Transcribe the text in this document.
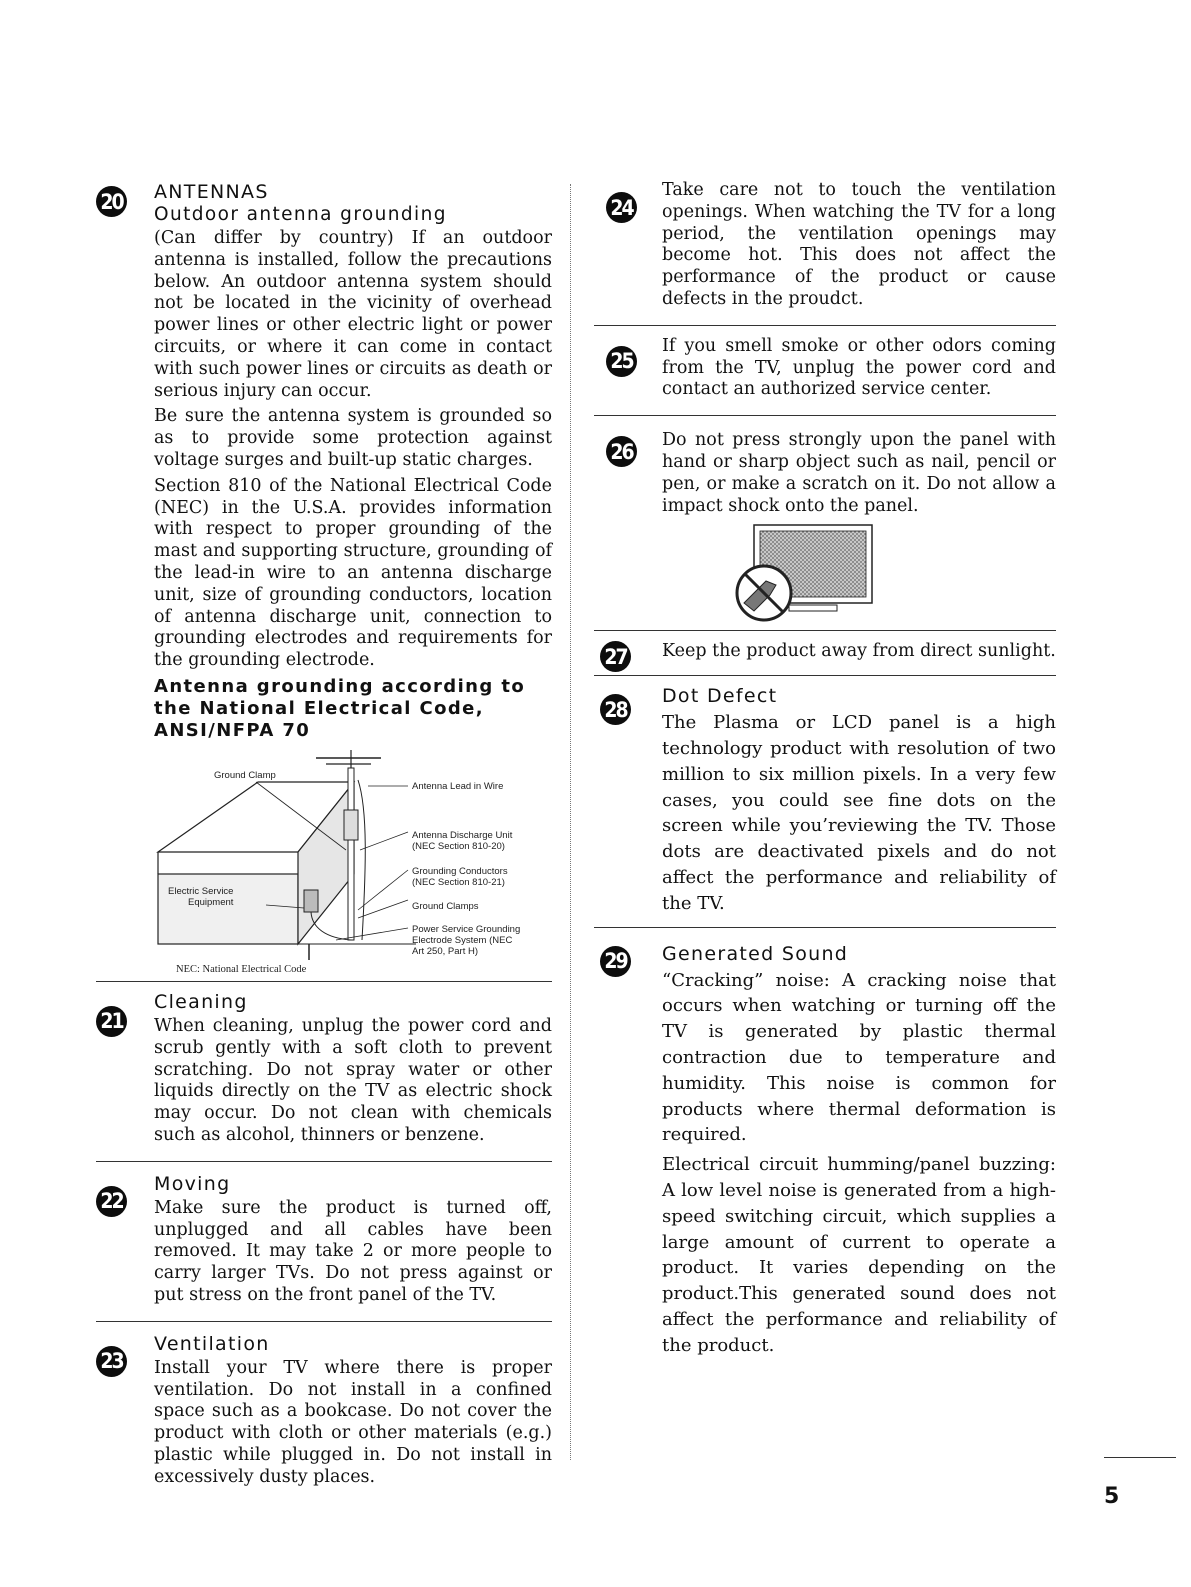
20 ANTENNAS

Outdoor antenna grounding

(Can differ by country) If an outdoor antenna is installed, follow the precautions below. An outdoor antenna system should not be located in the vicinity of overhead power lines or other electric light or power circuits, or where it can come in contact with such power lines or circuits as death or serious injury can occur.

Be sure the antenna system is grounded so as to provide some protection against voltage surges and built-up static charges.

Section 810 of the National Electrical Code (NEC) in the U.S.A. provides information with respect to proper grounding of the mast and supporting structure, grounding of the lead-in wire to an antenna discharge unit, size of grounding conductors, location of antenna discharge unit, connection to grounding electrodes and requirements for the grounding electrode.

Antenna grounding according to the National Electrical Code, ANSI/NFPA 70

Ground Clamp
Antenna Lead in Wire
Antenna Discharge Unit
(NEC Section 810-20)
Grounding Conductors
(NEC Section 810-21)
Ground Clamps
Power Service Grounding
Electrode System (NEC
Art 250, Part H)
Electric Service
Equipment
NEC: National Electrical Code
21

Cleaning

When cleaning, unplug the power cord and scrub gently with a soft cloth to prevent scratching. Do not spray water or other liquids directly on the TV as electric shock may occur. Do not clean with chemicals such as alcohol, thinners or benzene.

22

Moving

Make sure the product is turned off, unplugged and all cables have been removed. It may take 2 or more people to carry larger TVs. Do not press against or put stress on the front panel of the TV.

23

Ventilation

Install your TV where there is proper ventilation. Do not install in a confined space such as a bookcase. Do not cover the product with cloth or other materials (e.g.) plastic while plugged in. Do not install in excessively dusty places.

24

Take care not to touch the ventilation openings. When watching the TV for a long period, the ventilation openings may become hot. This does not affect the performance of the product or cause defects in the proudct.

25

If you smell smoke or other odors coming from the TV, unplug the power cord and contact an authorized service center.

26 Do not press strongly upon the panel with hand or sharp object such as nail, pencil or pen, or make a scratch on it. Do not allow a impact shock onto the panel.

27 Keep the product away from direct sunlight.

28

Dot Defect

The Plasma or LCD panel is a high technology product with resolution of two million to six million pixels. In a very few cases, you could see fine dots on the screen while you’reviewing the TV. Those dots are deactivated pixels and do not affect the performance and reliability of the TV.

29 Generated Sound

“Cracking” noise: A cracking noise that occurs when watching or turning off the TV is generated by plastic thermal contraction due to temperature and humidity. This noise is common for products where thermal deformation is required.

Electrical circuit humming/panel buzzing: A low level noise is generated from a high-speed switching circuit, which supplies a large amount of current to operate a product. It varies depending on the product.This generated sound does not affect the performance and reliability of the product.

5
